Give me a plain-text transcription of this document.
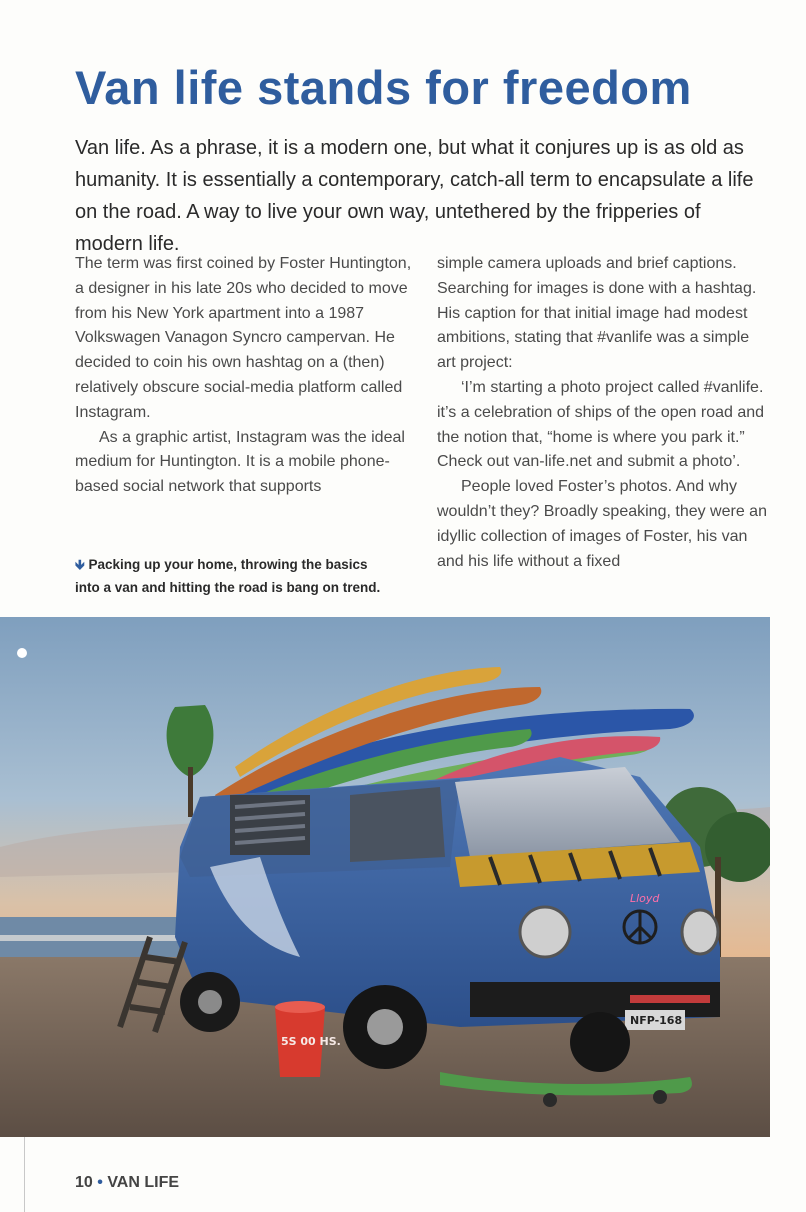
Van life stands for freedom

Van life. As a phrase, it is a modern one, but what it conjures up is as old as humanity. It is essentially a contemporary, catch-all term to encapsulate a life on the road. A way to live your own way, untethered by the fripperies of modern life.

The term was first coined by Foster Huntington, a designer in his late 20s who decided to move from his New York apartment into a 1987 Volkswagen Vanagon Syncro campervan. He decided to coin his own hashtag on a (then) relatively obscure social-media platform called Instagram.

As a graphic artist, Instagram was the ideal medium for Huntington. It is a mobile phone-based social network that supports

simple camera uploads and brief captions. Searching for images is done with a hashtag. His caption for that initial image had modest ambitions, stating that #vanlife was a simple art project:

‘I’m starting a photo project called #vanlife. it’s a celebration of ships of the open road and the notion that, “home is where you park it.” Check out van-life.net and submit a photo’.

People loved Foster’s photos. And why wouldn’t they? Broadly speaking, they were an idyllic collection of images of Foster, his van and his life without a fixed

🡻 Packing up your home, throwing the basics into a van and hitting the road is bang on trend.
Lloyd
NFP-168
5S 00 HS.
10 • VAN LIFE
